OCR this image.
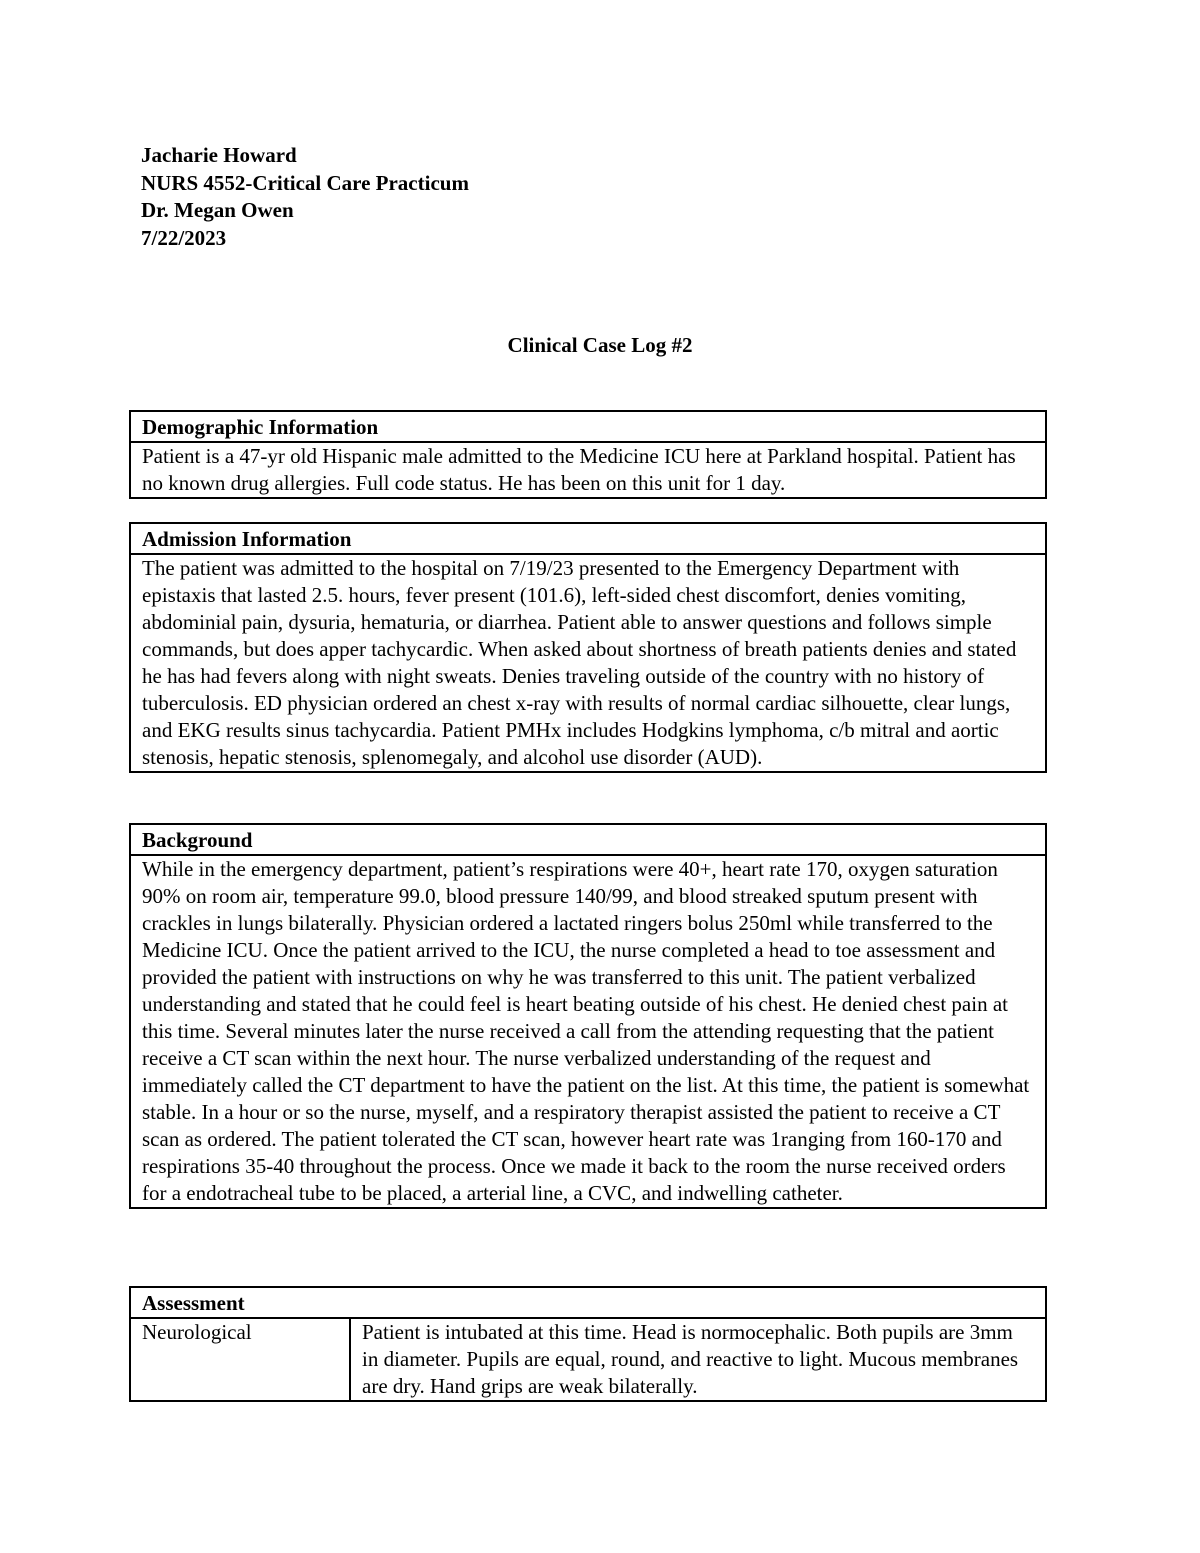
Jacharie Howard
NURS 4552-Critical Care Practicum
Dr. Megan Owen
7/22/2023
Clinical Case Log #2
Demographic Information
Patient is a 47-yr old Hispanic male admitted to the Medicine ICU here at Parkland hospital. Patient has no known drug allergies. Full code status. He has been on this unit for 1 day.
Admission Information
The patient was admitted to the hospital on 7/19/23 presented to the Emergency Department with epistaxis that lasted 2.5. hours, fever present (101.6), left-sided chest discomfort, denies vomiting, abdominial pain, dysuria, hematuria, or diarrhea. Patient able to answer questions and follows simple commands, but does apper tachycardic. When asked about shortness of breath patients denies and stated he has had fevers along with night sweats. Denies traveling outside of the country with no history of tuberculosis. ED physician ordered an chest x-ray with results of normal cardiac silhouette, clear lungs, and EKG results sinus tachycardia. Patient PMHx includes Hodgkins lymphoma, c/b mitral and aortic stenosis, hepatic stenosis, splenomegaly, and alcohol use disorder (AUD).
Background
While in the emergency department, patient’s respirations were 40+, heart rate 170, oxygen saturation 90% on room air, temperature 99.0, blood pressure 140/99, and blood streaked sputum present with crackles in lungs bilaterally. Physician ordered a lactated ringers bolus 250ml while transferred to the Medicine ICU. Once the patient arrived to the ICU, the nurse completed a head to toe assessment and provided the patient with instructions on why he was transferred to this unit. The patient verbalized understanding and stated that he could feel is heart beating outside of his chest. He denied chest pain at this time. Several minutes later the nurse received a call from the attending requesting that the patient receive a CT scan within the next hour. The nurse verbalized understanding of the request and immediately called the CT department to have the patient on the list. At this time, the patient is somewhat stable. In a hour or so the nurse, myself, and a respiratory therapist assisted the patient to receive a CT scan as ordered. The patient tolerated the CT scan, however heart rate was 1ranging from 160-170 and respirations 35-40 throughout the process. Once we made it back to the room the nurse received orders for a endotracheal tube to be placed, a arterial line, a CVC, and indwelling catheter.
Assessment
Neurological	Patient is intubated at this time. Head is normocephalic. Both pupils are 3mm in diameter. Pupils are equal, round, and reactive to light. Mucous membranes are dry. Hand grips are weak bilaterally.
